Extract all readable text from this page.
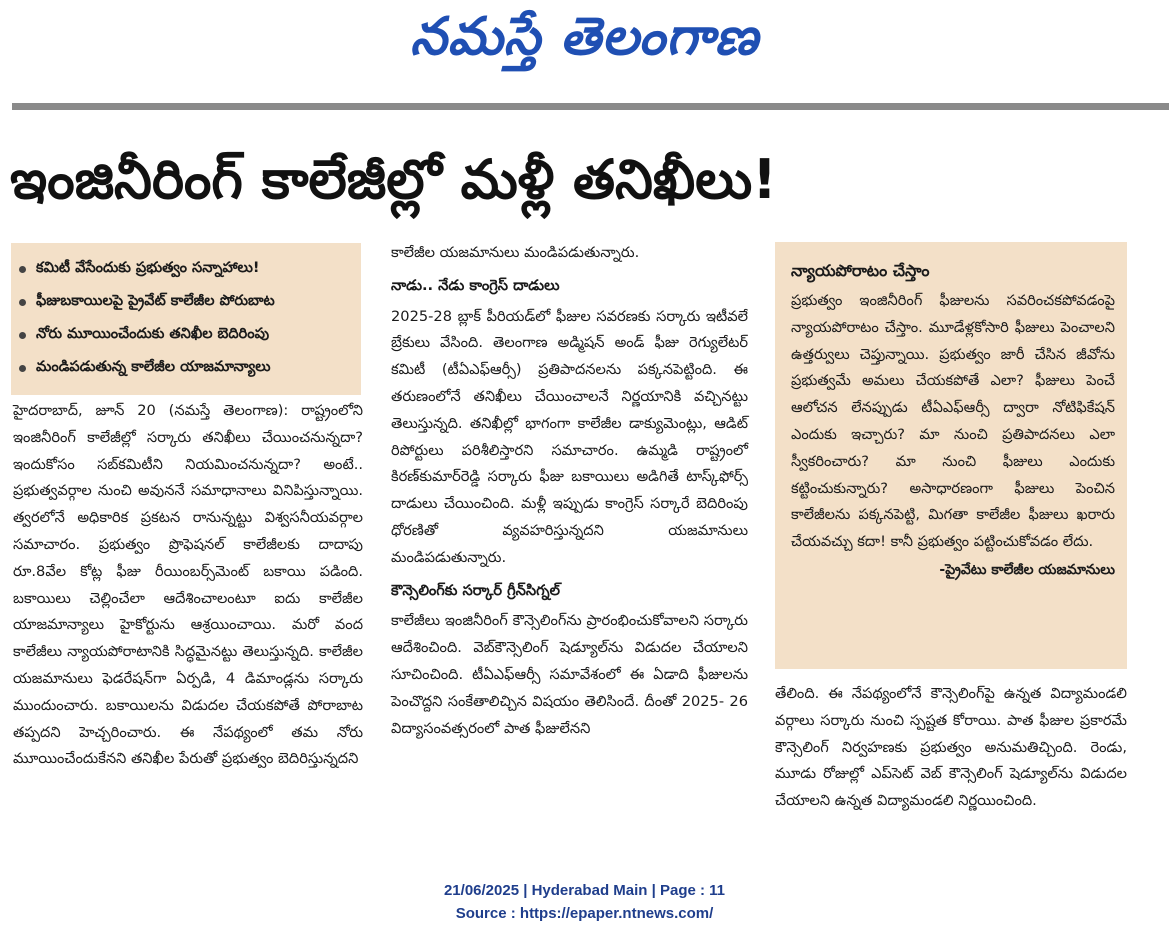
నమస్తే తెలంగాణ
ఇంజినీరింగ్ కాలేజీల్లో మళ్లీ తనిఖీలు!
కమిటీ వేసేందుకు ప్రభుత్వం సన్నాహాలు!
ఫీజుబకాయిలపై ప్రైవేట్ కాలేజీల పోరుబాట
నోరు మూయించేందుకు తనిఖీల బెదిరింపు
మండిపడుతున్న కాలేజీల యాజమాన్యాలు

హైదరాబాద్, జూన్ 20 (నమస్తే తెలంగాణ): రాష్ట్రంలోని ఇంజినీరింగ్ కాలేజీల్లో సర్కారు తనిఖీలు చేయించనున్నదా? ఇందుకోసం సబ్‌కమిటీని నియమించనున్నదా? అంటే.. ప్రభుత్వవర్గాల నుంచి అవుననే సమాధానాలు వినిపిస్తున్నాయి. త్వరలోనే అధికారిక ప్రకటన రానున్నట్టు విశ్వసనీయవర్గాల సమాచారం. ప్రభుత్వం ప్రొఫెషనల్ కాలేజీలకు దాదాపు రూ.8వేల కోట్ల ఫీజు రీయింబర్స్‌మెంట్ బకాయి పడింది. బకాయిలు చెల్లించేలా ఆదేశించాలంటూ ఐదు కాలేజీల యాజమాన్యాలు హైకోర్టును ఆశ్రయించాయి. మరో వంద కాలేజీలు న్యాయపోరాటానికి సిద్ధమైనట్టు తెలుస్తున్నది. కాలేజీల యజమానులు ఫెడరేషన్‌గా ఏర్పడి, 4 డిమాండ్లను సర్కారు ముందుంచారు. బకాయిలను విడుదల చేయకపోతే పోరాబాట తప్పదని హెచ్చరించారు. ఈ నేపథ్యంలో తమ నోరు మూయించేందుకేనని తనిఖీల పేరుతో ప్రభుత్వం బెదిరిస్తున్నదని

కాలేజీల యజమానులు మండిపడుతున్నారు.

నాడు.. నేడు కాంగ్రెస్ దాడులు

2025-28 బ్లాక్ పీరియడ్‌లో ఫీజుల సవరణకు సర్కారు ఇటీవలే బ్రేకులు వేసింది. తెలంగాణ అడ్మిషన్ అండ్ ఫీజు రెగ్యులేటర్ కమిటీ (టీఏఎఫ్ఆర్సీ) ప్రతిపాదనలను పక్కనపెట్టింది. ఈ తరుణంలోనే తనిఖీలు చేయించాలనే నిర్ణయానికి వచ్చినట్టు తెలుస్తున్నది. తనిఖీల్లో భాగంగా కాలేజీల డాక్యుమెంట్లు, ఆడిట్ రిపోర్టులు పరిశీలిస్తారని సమాచారం. ఉమ్మడి రాష్ట్రంలో కిరణ్‌కుమార్‌రెడ్డి సర్కారు ఫీజు బకాయిలు అడిగితే టాస్క్‌ఫోర్స్ దాడులు చేయించింది. మళ్లీ ఇప్పుడు కాంగ్రెస్ సర్కారే బెదిరింపు ధోరణితో వ్యవహరిస్తున్నదని యజమానులు మండిపడుతున్నారు.

కౌన్సెలింగ్‌కు సర్కార్ గ్రీన్‌సిగ్నల్

కాలేజీలు ఇంజినీరింగ్ కౌన్సెలింగ్‌ను ప్రారంభించుకోవాలని సర్కారు ఆదేశించింది. వెబ్‌కౌన్సెలింగ్ షెడ్యూల్‌ను విడుదల చేయాలని సూచించింది. టీఏఎఫ్ఆర్సీ సమావేశంలో ఈ ఏడాది ఫీజులను పెంచొద్దని సంకేతాలిచ్చిన విషయం తెలిసిందే. దీంతో 2025- 26 విద్యాసంవత్సరంలో పాత ఫీజులేనని

న్యాయపోరాటం చేస్తాం
ప్రభుత్వం ఇంజినీరింగ్ ఫీజులను సవరించకపోవడంపై న్యాయపోరాటం చేస్తాం. మూడేళ్లకోసారి ఫీజులు పెంచాలని ఉత్తర్వులు చెప్తున్నాయి. ప్రభుత్వం జారీ చేసిన జీవోను ప్రభుత్వమే అమలు చేయకపోతే ఎలా? ఫీజులు పెంచే ఆలోచన లేనప్పుడు టీఏఎఫ్ఆర్సీ ద్వారా నోటిఫికేషన్ ఎందుకు ఇచ్చారు? మా నుంచి ప్రతిపాదనలు ఎలా స్వీకరించారు? మా నుంచి ఫీజులు ఎందుకు కట్టించుకున్నారు? అసాధారణంగా ఫీజులు పెంచిన కాలేజీలను పక్కనపెట్టి, మిగతా కాలేజీల ఫీజులు ఖరారు చేయవచ్చు కదా! కానీ ప్రభుత్వం పట్టించుకోవడం లేదు.
-ప్రైవేటు కాలేజీల యజమానులు

తేలింది. ఈ నేపథ్యంలోనే కౌన్సెలింగ్‌పై ఉన్నత విద్యామండలి వర్గాలు సర్కారు నుంచి స్పష్టత కోరాయి. పాత ఫీజుల ప్రకారమే కౌన్సెలింగ్ నిర్వహణకు ప్రభుత్వం అనుమతిచ్చింది. రెండు, మూడు రోజుల్లో ఎప్‌సెట్ వెబ్ కౌన్సెలింగ్ షెడ్యూల్‌ను విడుదల చేయాలని ఉన్నత విద్యామండలి నిర్ణయించింది.

21/06/2025 | Hyderabad Main | Page : 11
Source : https://epaper.ntnews.com/
